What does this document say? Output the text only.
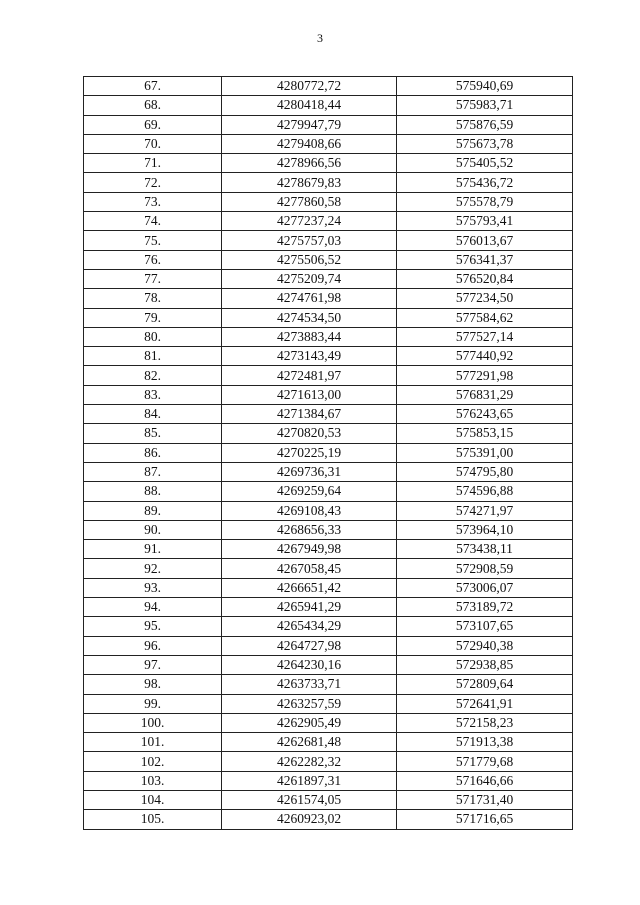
3
67.	4280772,72	575940,69
68.	4280418,44	575983,71
69.	4279947,79	575876,59
70.	4279408,66	575673,78
71.	4278966,56	575405,52
72.	4278679,83	575436,72
73.	4277860,58	575578,79
74.	4277237,24	575793,41
75.	4275757,03	576013,67
76.	4275506,52	576341,37
77.	4275209,74	576520,84
78.	4274761,98	577234,50
79.	4274534,50	577584,62
80.	4273883,44	577527,14
81.	4273143,49	577440,92
82.	4272481,97	577291,98
83.	4271613,00	576831,29
84.	4271384,67	576243,65
85.	4270820,53	575853,15
86.	4270225,19	575391,00
87.	4269736,31	574795,80
88.	4269259,64	574596,88
89.	4269108,43	574271,97
90.	4268656,33	573964,10
91.	4267949,98	573438,11
92.	4267058,45	572908,59
93.	4266651,42	573006,07
94.	4265941,29	573189,72
95.	4265434,29	573107,65
96.	4264727,98	572940,38
97.	4264230,16	572938,85
98.	4263733,71	572809,64
99.	4263257,59	572641,91
100.	4262905,49	572158,23
101.	4262681,48	571913,38
102.	4262282,32	571779,68
103.	4261897,31	571646,66
104.	4261574,05	571731,40
105.	4260923,02	571716,65
